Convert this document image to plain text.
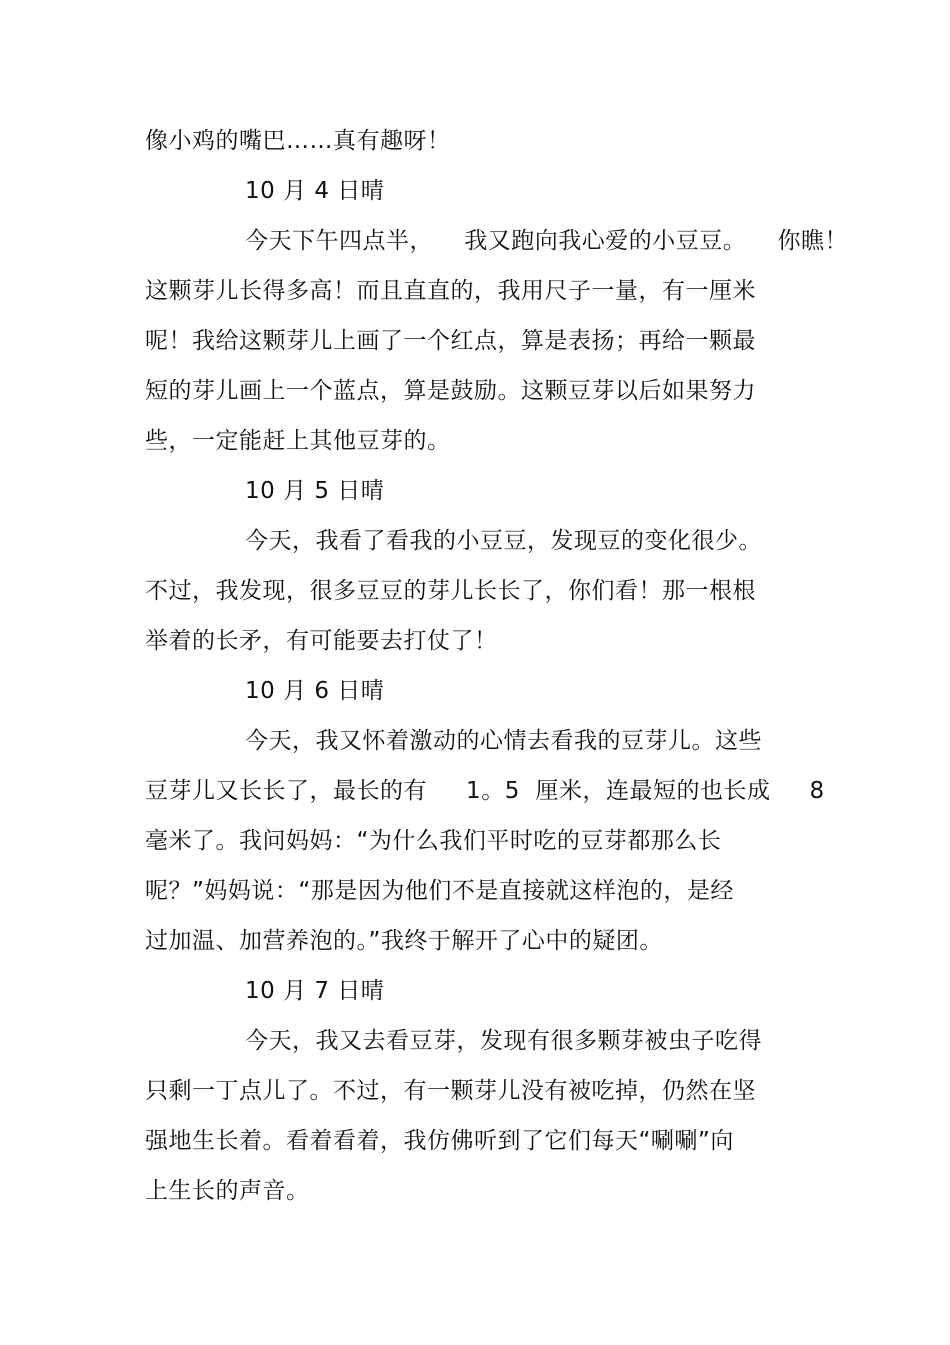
像小鸡的嘴巴……真有趣呀！
10 月 4 日晴
今天下午四点半，    我又跑向我心爱的小豆豆。    你瞧！
这颗芽儿长得多高！而且直直的，我用尺子一量，有一厘米
呢！我给这颗芽儿上画了一个红点，算是表扬；再给一颗最
短的芽儿画上一个蓝点，算是鼓励。这颗豆芽以后如果努力
些，一定能赶上其他豆芽的。
10 月 5 日晴
今天，我看了看我的小豆豆，发现豆的变化很少。
不过，我发现，很多豆豆的芽儿长长了，你们看！那一根根
举着的长矛，有可能要去打仗了！
10 月 6 日晴
今天，我又怀着激动的心情去看我的豆芽儿。这些
豆芽儿又长长了，最长的有     1。5  厘米，连最短的也长成     8
毫米了。我问妈妈：“为什么我们平时吃的豆芽都那么长
呢？”妈妈说：“那是因为他们不是直接就这样泡的，是经
过加温、加营养泡的。”我终于解开了心中的疑团。
10 月 7 日晴
今天，我又去看豆芽，发现有很多颗芽被虫子吃得
只剩一丁点儿了。不过，有一颗芽儿没有被吃掉，仍然在坚
强地生长着。看着看着，我仿佛听到了它们每天“唰唰”向
上生长的声音。
